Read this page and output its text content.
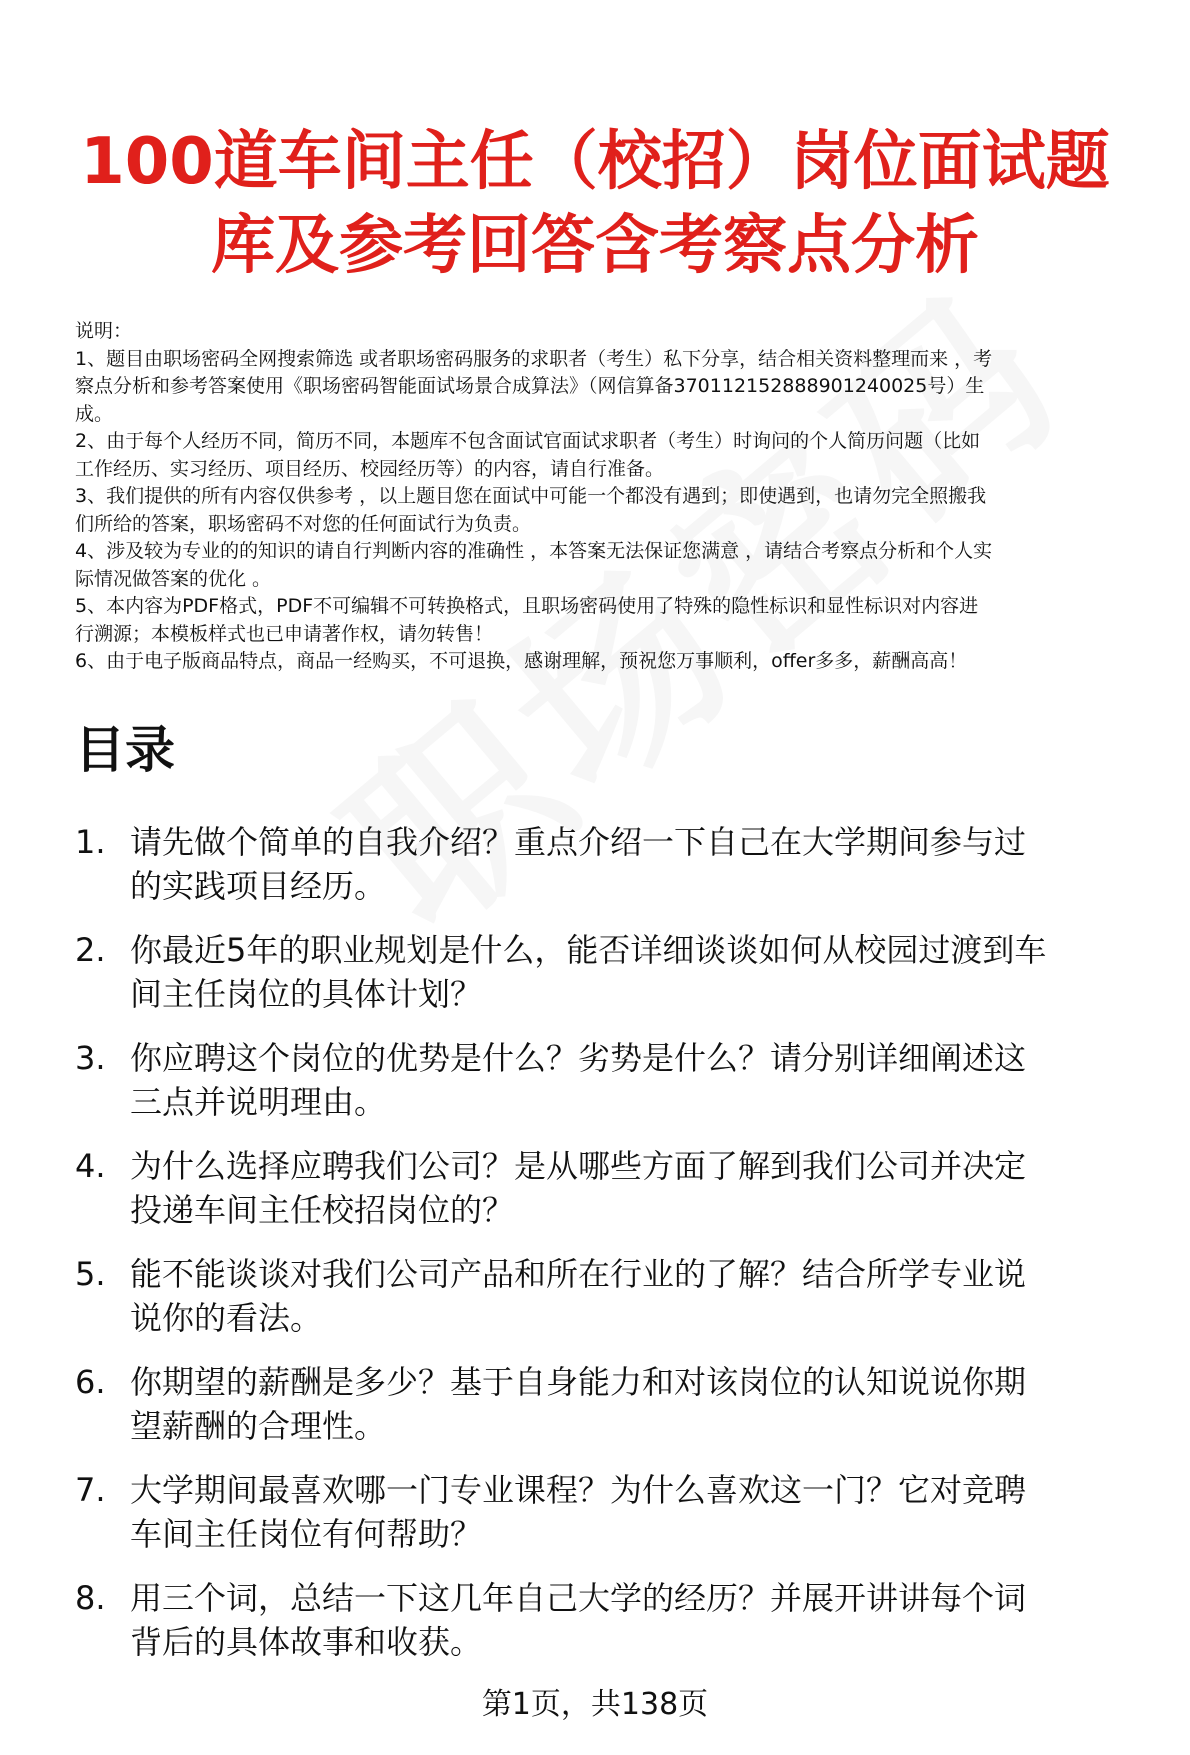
100道车间主任（校招）岗位面试题
库及参考回答含考察点分析

说明：

1、题目由职场密码全网搜索筛选 或者职场密码服务的求职者（考生）私下分享，结合相关资料整理而来 ，考

察点分析和参考答案使用《职场密码智能面试场景合成算法》（网信算备370112152888901240025号）生

成。

2、由于每个人经历不同，简历不同，本题库不包含面试官面试求职者（考生）时询问的个人简历问题（比如

工作经历、实习经历、项目经历、校园经历等）的内容，请自行准备。

3、我们提供的所有内容仅供参考 ，以上题目您在面试中可能一个都没有遇到；即使遇到，也请勿完全照搬我

们所给的答案，职场密码不对您的任何面试行为负责。

4、涉及较为专业的的知识的请自行判断内容的准确性 ，本答案无法保证您满意 ，请结合考察点分析和个人实

际情况做答案的优化 。

5、本内容为PDF格式，PDF不可编辑不可转换格式，且职场密码使用了特殊的隐性标识和显性标识对内容进

行溯源；本模板样式也已申请著作权，请勿转售！

6、由于电子版商品特点，商品一经购买，不可退换，感谢理解，预祝您万事顺利，offer多多，薪酬高高！

目录
1. 请先做个简单的自我介绍？重点介绍一下自己在大学期间参与过
的实践项目经历。
2. 你最近5年的职业规划是什么，能否详细谈谈如何从校园过渡到车
间主任岗位的具体计划？
3. 你应聘这个岗位的优势是什么？劣势是什么？请分别详细阐述这
三点并说明理由。
4. 为什么选择应聘我们公司？是从哪些方面了解到我们公司并决定
投递车间主任校招岗位的？
5. 能不能谈谈对我们公司产品和所在行业的了解？结合所学专业说
说你的看法。
6. 你期望的薪酬是多少？基于自身能力和对该岗位的认知说说你期
望薪酬的合理性。
7. 大学期间最喜欢哪一门专业课程？为什么喜欢这一门？它对竞聘
车间主任岗位有何帮助？
8. 用三个词，总结一下这几年自己大学的经历？并展开讲讲每个词
背后的具体故事和收获。
第1页，共138页
